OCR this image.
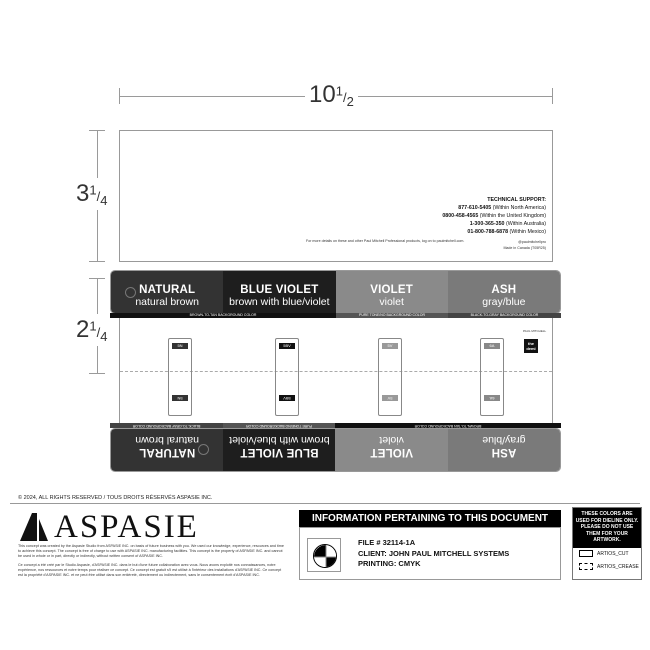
$10^1/_2$
$3^1/_4$
$2^1/_4$
TECHNICAL SUPPORT:
877-610-5405 (Within North America)
0800-458-4565 (Within the United Kingdom)
1-300-365-350 (Within Australia)
01-800-788-6878 (Within Mexico)
For more details on these and other Paul Mitchell Professional products, log on to paulmitchell.com.	@paulmitchellpro
Made in Canada (T05R25)
NATURAL
natural brown
BLUE VIOLET
brown with blue/violet
VIOLET
violet
ASH
gray/blue
BROWN-TO-TAN BACKGROUND COLOR	PURE TONE/NO BACKGROUND COLOR	BLACK-TO-GRAY BACKGROUND COLOR
5N
5N
5BV
5BV
5V
5V
6A
6A
PAUL MITCHELL
the demi
BROWN-TO-TAN BACKGROUND COLOR
PURE TONE/NO BACKGROUND COLOR
BLACK-TO-GRAY BACKGROUND COLOR
NATURAL
natural brown
BLUE VIOLET
brown with blue/violet
VIOLET
violet
ASH
gray/blue
© 2024, ALL RIGHTS RESERVED / TOUS DROITS RÉSERVÉS ASPASIE INC.
ASPASIE
This concept was created by the Aspasie Studio from ASPASIE INC. on basis of future business with you. We used our knowledge, experience, resources and time to achieve this concept. The concept is free of charge to use with ASPASIE INC. manufacturing facilities. This concept is the property of ASPASIE INC. and cannot be used in whole or in part, directly or indirectly, without written consent of ASPASIE INC.
Ce concept a été créé par le Studio Aspasie, d'ASPASIE INC. dans le but d'une future collaboration avec vous. Nous avons exploité nos connaissances, notre expérience, nos ressources et notre temps pour réaliser ce concept. Ce concept est gratuit s'il est utilisé à l'intérieur des installations d'ASPASIE INC. Ce concept est la propriété d'ASPASIE INC. et ne peut être utilisé dans son entièreté, directement ou indirectement, sans le consentement écrit d'ASPASIE INC.
INFORMATION PERTAINING TO THIS DOCUMENT
FILE # 32114-1A
CLIENT: JOHN PAUL MITCHELL SYSTEMS
PRINTING: CMYK
THESE COLORS ARE USED FOR DIELINE ONLY. PLEASE DO NOT USE THEM FOR YOUR ARTWORK.
ARTIOS_CUT
ARTIOS_CREASE
